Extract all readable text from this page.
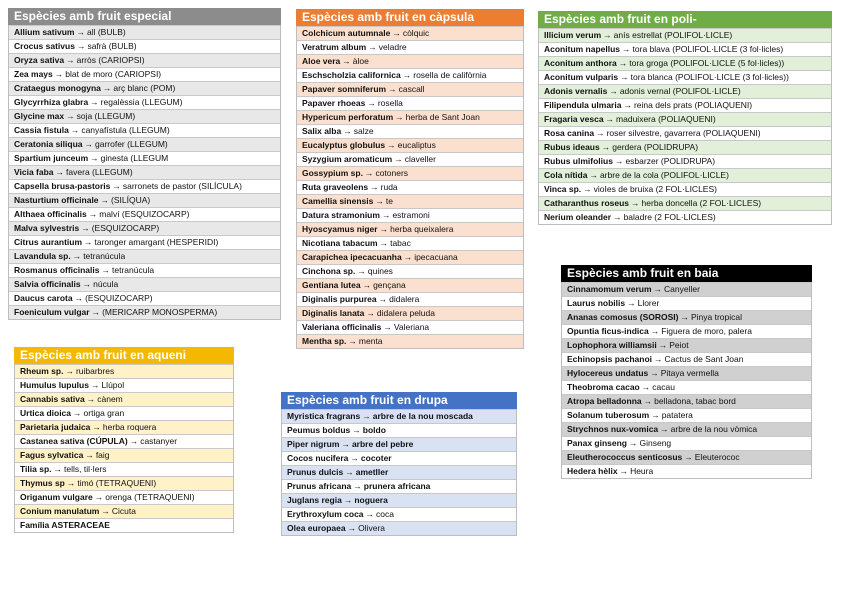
Espècies amb fruit especial
Allium sativum → all (BULB)
Crocus sativus → safrà (BULB)
Oryza sativa → arròs (CARIOPSI)
Zea mays → blat de moro (CARIOPSI)
Crataegus monogyna → arç blanc (POM)
Glycyrrhiza glabra → regalèssia (LLEGUM)
Glycine max → soja (LLEGUM)
Cassia fistula → canyafístula (LLEGUM)
Ceratonia siliqua → garrofer (LLEGUM)
Spartium junceum → ginesta (LLEGUM
Vicia faba → favera (LLEGUM)
Capsella brusa-pastoris → sarronets de pastor (SILÍCULA)
Nasturtium officinale → (SILÍQUA)
Althaea officinalis → malví (ESQUIZOCARP)
Malva sylvestris → (ESQUIZOCARP)
Citrus aurantium → taronger amargant (HESPERIDI)
Lavandula sp. → tetranúcula
Rosmanus officinalis → tetranúcula
Salvia officinalis → núcula
Daucus carota → (ESQUIZOCARP)
Foeniculum vulgar → (MERICARP MONOSPERMA)
Espècies amb fruit en càpsula
Colchicum autumnale → còlquic
Veratrum album → veladre
Aloe vera → àloe
Eschscholzia californica → rosella de califòrnia
Papaver somniferum → cascall
Papaver rhoeas → rosella
Hypericum perforatum → herba de Sant Joan
Salix alba → salze
Eucalyptus globulus → eucaliptus
Syzygium aromaticum → claveller
Gossypium sp. → cotoners
Ruta graveolens → ruda
Camellia sinensis → te
Datura stramonium → estramoni
Hyoscyamus niger → herba queixalera
Nicotiana tabacum → tabac
Carapichea ipecacuanha → ipecacuana
Cinchona sp. → quines
Gentiana lutea → gençana
Diginalis purpurea → didalera
Diginalis lanata → didalera peluda
Valeriana officinalis → Valeriana
Mentha sp. → menta
Espècies amb fruit en poli-
Illicium verum → anís estrellat (POLIFOL·LICLE)
Aconitum napellus → tora blava (POLIFOL·LICLE (3 fol·licles)
Aconitum anthora → tora groga (POLIFOL·LICLE (5 fol·licles))
Aconitum vulparis → tora blanca (POLIFOL·LICLE (3 fol·licles))
Adonis vernalis → adonis vernal (POLIFOL·LICLE)
Filipendula ulmaria → reina dels prats (POLIAQUENI)
Fragaria vesca → maduixera (POLIAQUENI)
Rosa canina → roser silvestre, gavarrera (POLIAQUENI)
Rubus ideaus → gerdera (POLIDRUPA)
Rubus ulmifolius → esbarzer (POLIDRUPA)
Cola nítida → arbre de la cola (POLIFOL·LICLE)
Vinca sp. → vioIes de bruixa (2 FOL·LICLES)
Catharanthus roseus → herba doncella (2 FOL·LICLES)
Nerium oleander → baladre (2 FOL·LICLES)
Espècies amb fruit en aqueni
Rheum sp. → ruibarbres
Humulus lupulus → Llúpol
Cannabis sativa → cànem
Urtica dioica → ortiga gran
Parietaria judaica → herba roquera
Castanea sativa (CÚPULA) → castanyer
Fagus sylvatica → faig
Tilia sp. → tells, til·lers
Thymus sp → timó (TETRAQUENI)
Origanum vulgare → orenga (TETRAQUENI)
Conium manulatum → Cicuta
Família ASTERACEAE
Espècies amb fruit en drupa
Myristica fragrans → arbre de la nou moscada
Peumus boldus → boldo
Piper nigrum → arbre del pebre
Cocos nucifera → cocoter
Prunus dulcis → ametller
Prunus africana → prunera africana
Juglans regia → noguera
Erythroxylum coca → coca
Olea europaea → Olivera
Espècies amb fruit en baia
Cinnamomum verum → Canyeller
Laurus nobilis → Llorer
Ananas comosus (SOROSI) → Pinya tropical
Opuntia ficus-indica → Figuera de moro, palera
Lophophora williamsii → Peiot
Echinopsis pachanoi → Cactus de Sant Joan
Hylocereus undatus → Pitaya vermella
Theobroma cacao → cacau
Atropa belladonna → belladona, tabac bord
Solanum tuberosum → patatera
Strychnos nux-vomica → arbre de la nou vòmica
Panax ginseng → Ginseng
Eleutherococcus senticosus → Eleuterococ
Hedera hèlix → Heura
